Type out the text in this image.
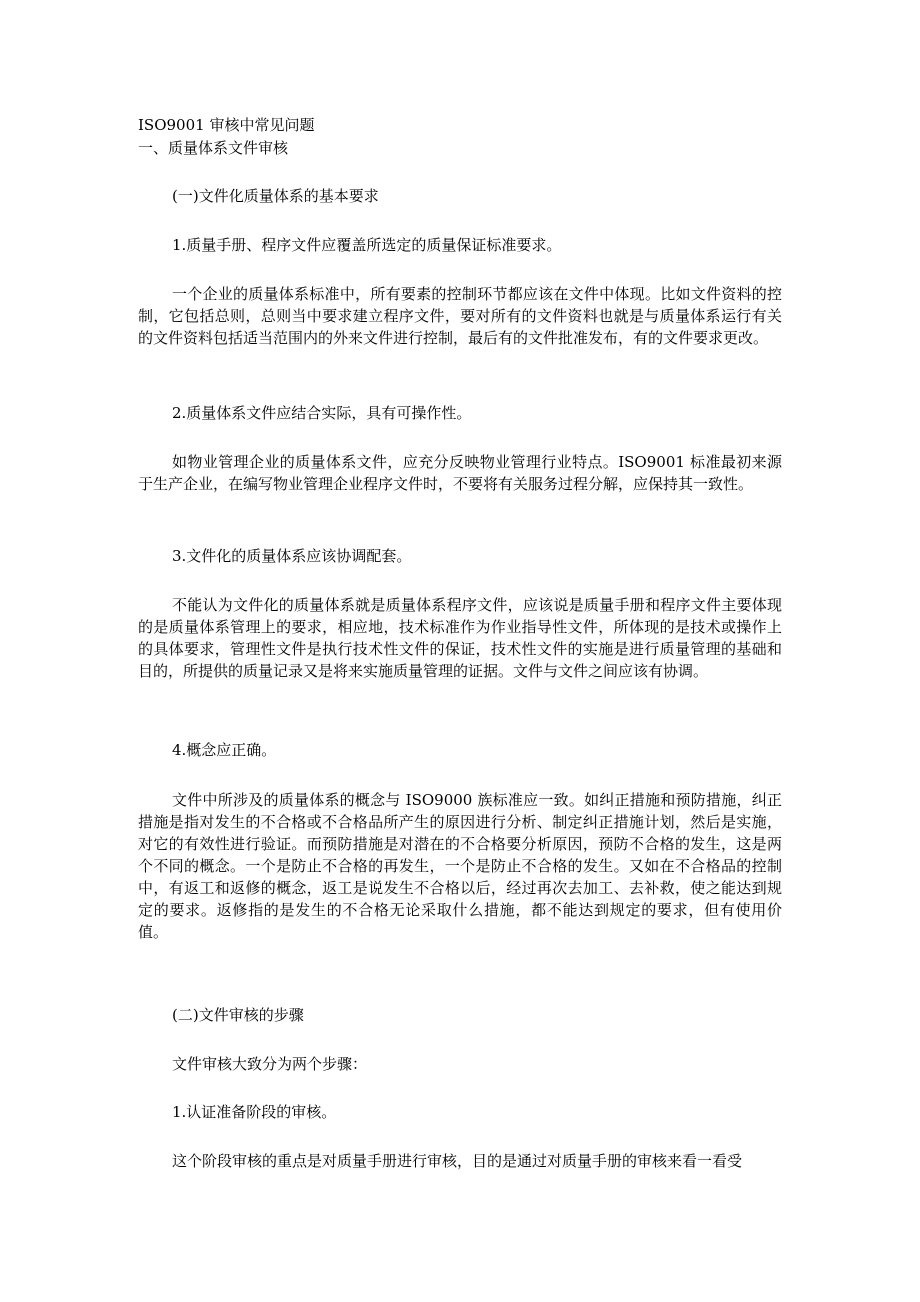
ISO9001 审核中常见问题
一、质量体系文件审核
(一)文件化质量体系的基本要求
1.质量手册、程序文件应覆盖所选定的质量保证标准要求。

一个企业的质量体系标准中，所有要素的控制环节都应该在文件中体现。比如文件资料的控制，它包括总则，总则当中要求建立程序文件，要对所有的文件资料也就是与质量体系运行有关的文件资料包括适当范围内的外来文件进行控制，最后有的文件批准发布，有的文件要求更改。

2.质量体系文件应结合实际，具有可操作性。

如物业管理企业的质量体系文件，应充分反映物业管理行业特点。ISO9001 标准最初来源于生产企业，在编写物业管理企业程序文件时，不要将有关服务过程分解，应保持其一致性。

3.文件化的质量体系应该协调配套。

不能认为文件化的质量体系就是质量体系程序文件，应该说是质量手册和程序文件主要体现的是质量体系管理上的要求，相应地，技术标准作为作业指导性文件，所体现的是技术或操作上的具体要求，管理性文件是执行技术性文件的保证，技术性文件的实施是进行质量管理的基础和目的，所提供的质量记录又是将来实施质量管理的证据。文件与文件之间应该有协调。

4.概念应正确。

文件中所涉及的质量体系的概念与 ISO9000 族标准应一致。如纠正措施和预防措施，纠正措施是指对发生的不合格或不合格品所产生的原因进行分析、制定纠正措施计划，然后是实施，对它的有效性进行验证。而预防措施是对潜在的不合格要分析原因，预防不合格的发生，这是两个不同的概念。一个是防止不合格的再发生，一个是防止不合格的发生。又如在不合格品的控制中，有返工和返修的概念，返工是说发生不合格以后，经过再次去加工、去补救，使之能达到规定的要求。返修指的是发生的不合格无论采取什么措施，都不能达到规定的要求，但有使用价值。

(二)文件审核的步骤
文件审核大致分为两个步骤：
1.认证准备阶段的审核。
这个阶段审核的重点是对质量手册进行审核，目的是通过对质量手册的审核来看一看受
